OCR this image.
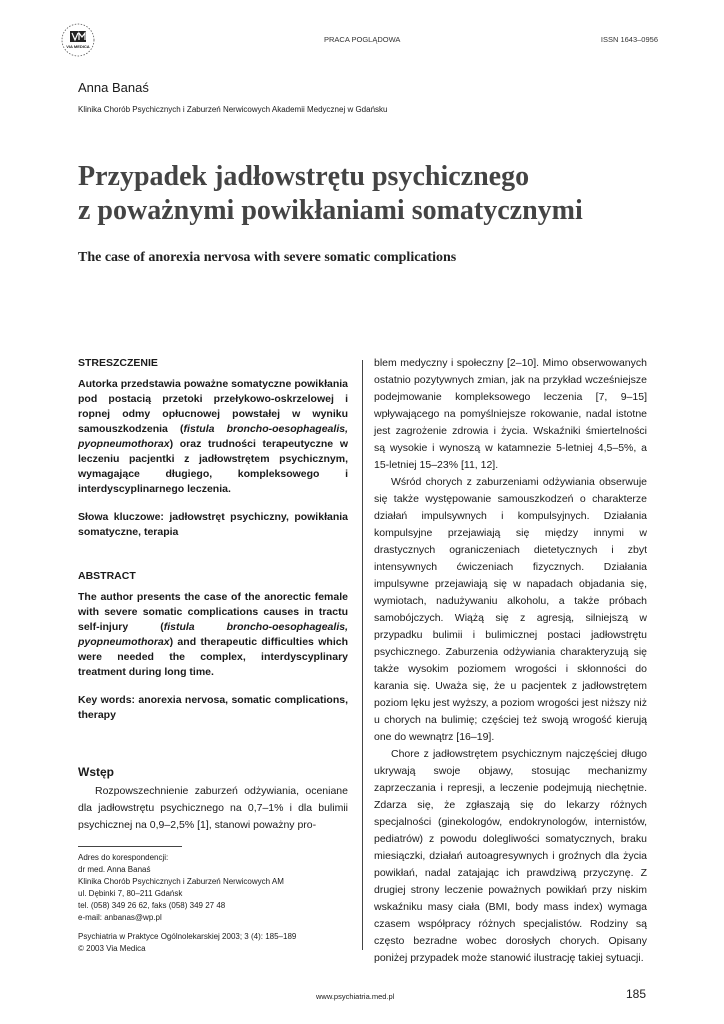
VIA MEDICA
PRACA POGLĄDOWA	ISSN 1643–0956
Anna Banaś
Klinika Chorób Psychicznych i Zaburzeń Nerwicowych Akademii Medycznej w Gdańsku
Przypadek jadłowstrętu psychicznego
z poważnymi powikłaniami somatycznymi
The case of anorexia nervosa with severe somatic complications
STRESZCZENIE
Autorka przedstawia poważne somatyczne powikłania pod postacią przetoki przełykowo-oskrzelowej i ropnej odmy opłucnowej powstałej w wyniku samouszkodzenia (fistula broncho-oesophagealis, pyopneumothorax) oraz trudności terapeutyczne w leczeniu pacjentki z jadłowstrętem psychicznym, wymagające długiego, kompleksowego i interdyscyplinarnego leczenia.
Słowa kluczowe: jadłowstręt psychiczny, powikłania somatyczne, terapia
ABSTRACT
The author presents the case of the anorectic female with severe somatic complications causes in tractu self-injury (fistula broncho-oesophagealis, pyopneumothorax) and therapeutic difficulties which were needed the complex, interdyscyplinary treatment during long time.
Key words: anorexia nervosa, somatic complications, therapy
Wstęp

Rozpowszechnienie zaburzeń odżywiania, oceniane dla jadłowstrętu psychicznego na 0,7–1% i dla bulimii psychicznej na 0,9–2,5% [1], stanowi poważny pro-

Adres do korespondencji:
dr med. Anna Banaś
Klinika Chorób Psychicznych i Zaburzeń Nerwicowych AM
ul. Dębinki 7, 80–211 Gdańsk
tel. (058) 349 26 62, faks (058) 349 27 48
e-mail: anbanas@wp.pl
Psychiatria w Praktyce Ogólnolekarskiej 2003; 3 (4): 185–189
© 2003 Via Medica

blem medyczny i społeczny [2–10]. Mimo obserwowanych ostatnio pozytywnych zmian, jak na przykład wcześniejsze podejmowanie kompleksowego leczenia [7, 9–15] wpływającego na pomyślniejsze rokowanie, nadal istotne jest zagrożenie zdrowia i życia. Wskaźniki śmiertelności są wysokie i wynoszą w katamnezie 5-letniej 4,5–5%, a 15-letniej 15–23% [11, 12].

Wśród chorych z zaburzeniami odżywiania obserwuje się także występowanie samouszkodzeń o charakterze działań impulsywnych i kompulsyjnych. Działania kompulsyjne przejawiają się między innymi w drastycznych ograniczeniach dietetycznych i zbyt intensywnych ćwiczeniach fizycznych. Działania impulsywne przejawiają się w napadach objadania się, wymiotach, nadużywaniu alkoholu, a także próbach samobójczych. Wiążą się z agresją, silniejszą w przypadku bulimii i bulimicznej postaci jadłowstrętu psychicznego. Zaburzenia odżywiania charakteryzują się także wysokim poziomem wrogości i skłonności do karania się. Uważa się, że u pacjentek z jadłowstrętem poziom lęku jest wyższy, a poziom wrogości jest niższy niż u chorych na bulimię; częściej też swoją wrogość kierują one do wewnątrz [16–19].

Chore z jadłowstrętem psychicznym najczęściej długo ukrywają swoje objawy, stosując mechanizmy zaprzeczania i represji, a leczenie podejmują niechętnie. Zdarza się, że zgłaszają się do lekarzy różnych specjalności (ginekologów, endokrynologów, internistów, pediatrów) z powodu dolegliwości somatycznych, braku miesiączki, działań autoagresywnych i groźnych dla życia powikłań, nadal zatajając ich prawdziwą przyczynę. Z drugiej strony leczenie poważnych powikłań przy niskim wskaźniku masy ciała (BMI, body mass index) wymaga czasem współpracy różnych specjalistów. Rodziny są często bezradne wobec dorosłych chorych. Opisany poniżej przypadek może stanowić ilustrację takiej sytuacji.

www.psychiatria.med.pl	185
